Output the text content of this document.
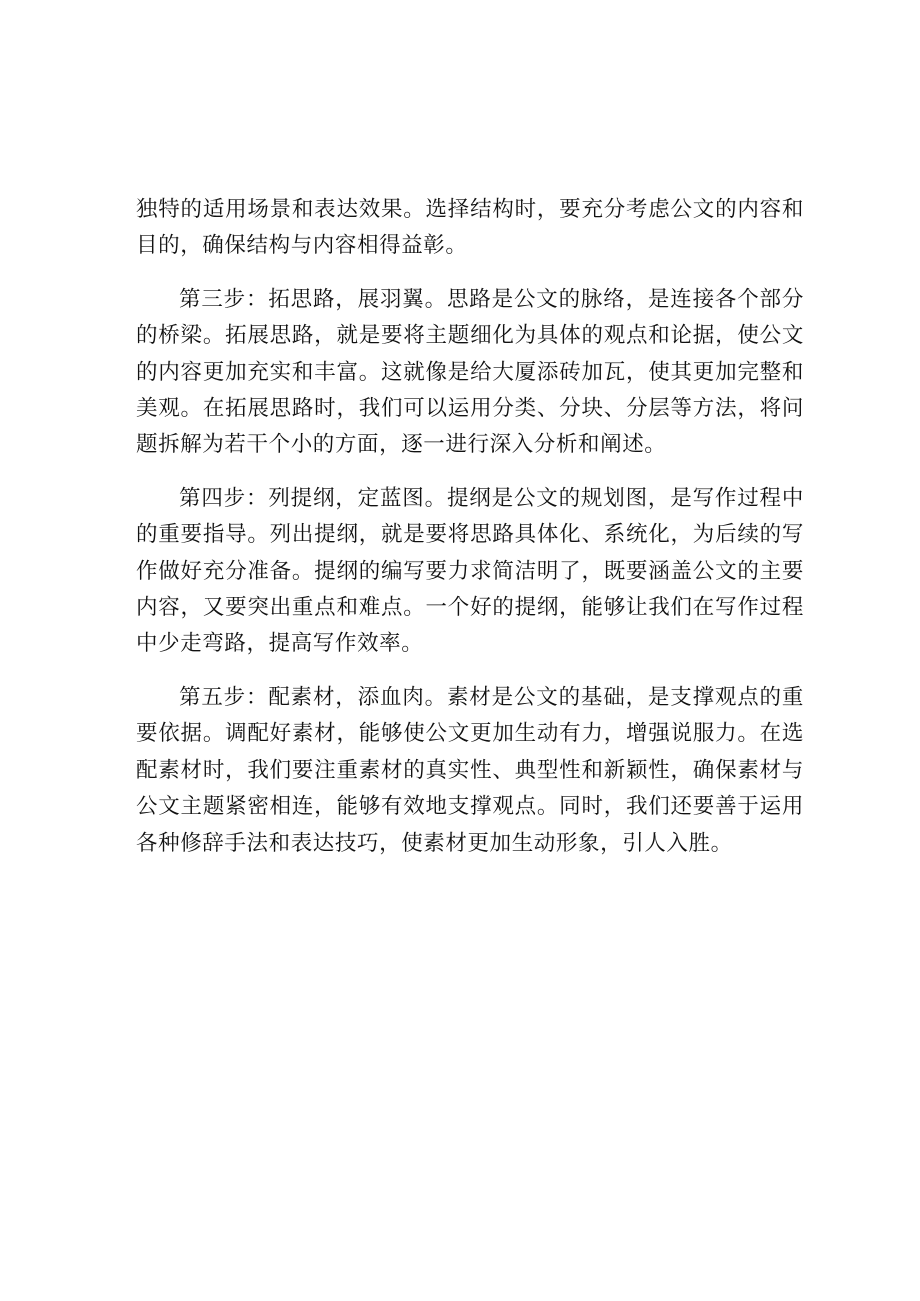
独特的适用场景和表达效果。选择结构时，要充分考虑公文的内容和目的，确保结构与内容相得益彰。

第三步：拓思路，展羽翼。思路是公文的脉络，是连接各个部分的桥梁。拓展思路，就是要将主题细化为具体的观点和论据，使公文的内容更加充实和丰富。这就像是给大厦添砖加瓦，使其更加完整和美观。在拓展思路时，我们可以运用分类、分块、分层等方法，将问题拆解为若干个小的方面，逐一进行深入分析和阐述。

第四步：列提纲，定蓝图。提纲是公文的规划图，是写作过程中的重要指导。列出提纲，就是要将思路具体化、系统化，为后续的写作做好充分准备。提纲的编写要力求简洁明了，既要涵盖公文的主要内容，又要突出重点和难点。一个好的提纲，能够让我们在写作过程中少走弯路，提高写作效率。

第五步：配素材，添血肉。素材是公文的基础，是支撑观点的重要依据。调配好素材，能够使公文更加生动有力，增强说服力。在选配素材时，我们要注重素材的真实性、典型性和新颖性，确保素材与公文主题紧密相连，能够有效地支撑观点。同时，我们还要善于运用各种修辞手法和表达技巧，使素材更加生动形象，引人入胜。
